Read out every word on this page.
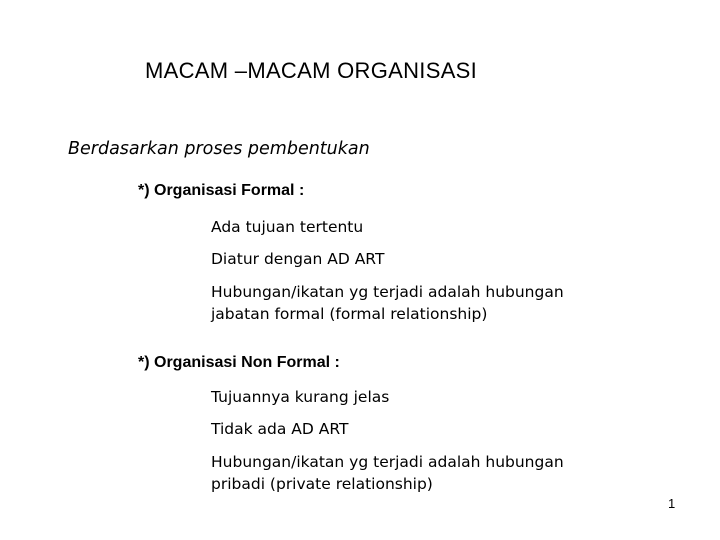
MACAM –MACAM ORGANISASI
Berdasarkan proses pembentukan
*) Organisasi Formal :
Ada tujuan tertentu
Diatur dengan AD ART
Hubungan/ikatan yg terjadi adalah hubungan
jabatan formal (formal relationship)
*) Organisasi Non Formal :
Tujuannya kurang jelas
Tidak ada AD ART
Hubungan/ikatan yg terjadi adalah hubungan
pribadi (private relationship)
1
